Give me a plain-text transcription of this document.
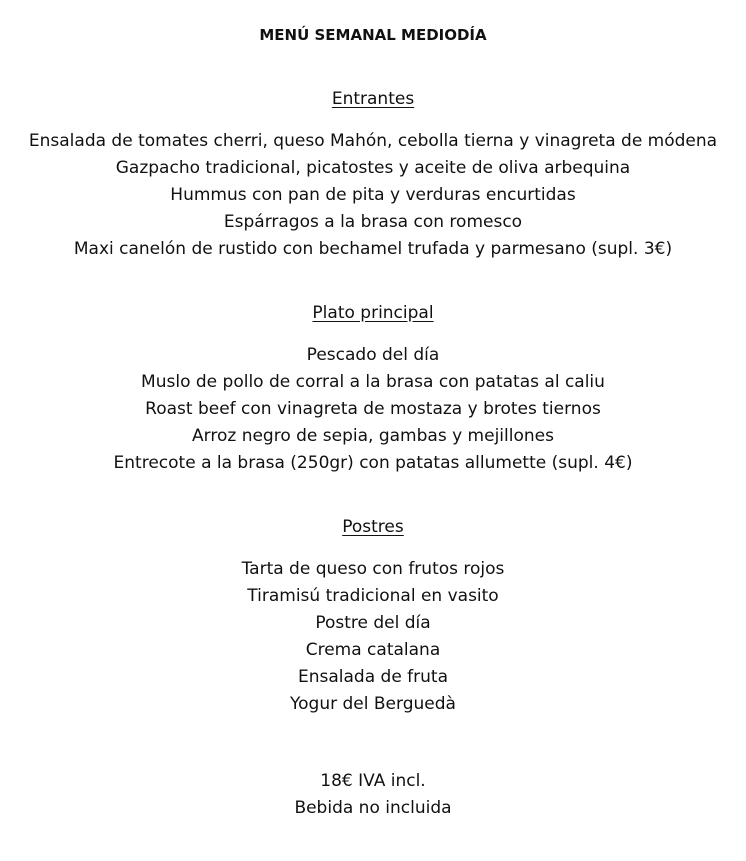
MENÚ SEMANAL MEDIODÍA
Entrantes
Ensalada de tomates cherri, queso Mahón, cebolla tierna y vinagreta de módena
Gazpacho tradicional, picatostes y aceite de oliva arbequina
Hummus con pan de pita y verduras encurtidas
Espárragos a la brasa con romesco
Maxi canelón de rustido con bechamel trufada y parmesano (supl. 3€)
Plato principal
Pescado del día
Muslo de pollo de corral a la brasa con patatas al caliu
Roast beef con vinagreta de mostaza y brotes tiernos
Arroz negro de sepia, gambas y mejillones
Entrecote a la brasa (250gr) con patatas allumette (supl. 4€)
Postres
Tarta de queso con frutos rojos
Tiramisú tradicional en vasito
Postre del día
Crema catalana
Ensalada de fruta
Yogur del Berguedà
18€ IVA incl.
Bebida no incluida
